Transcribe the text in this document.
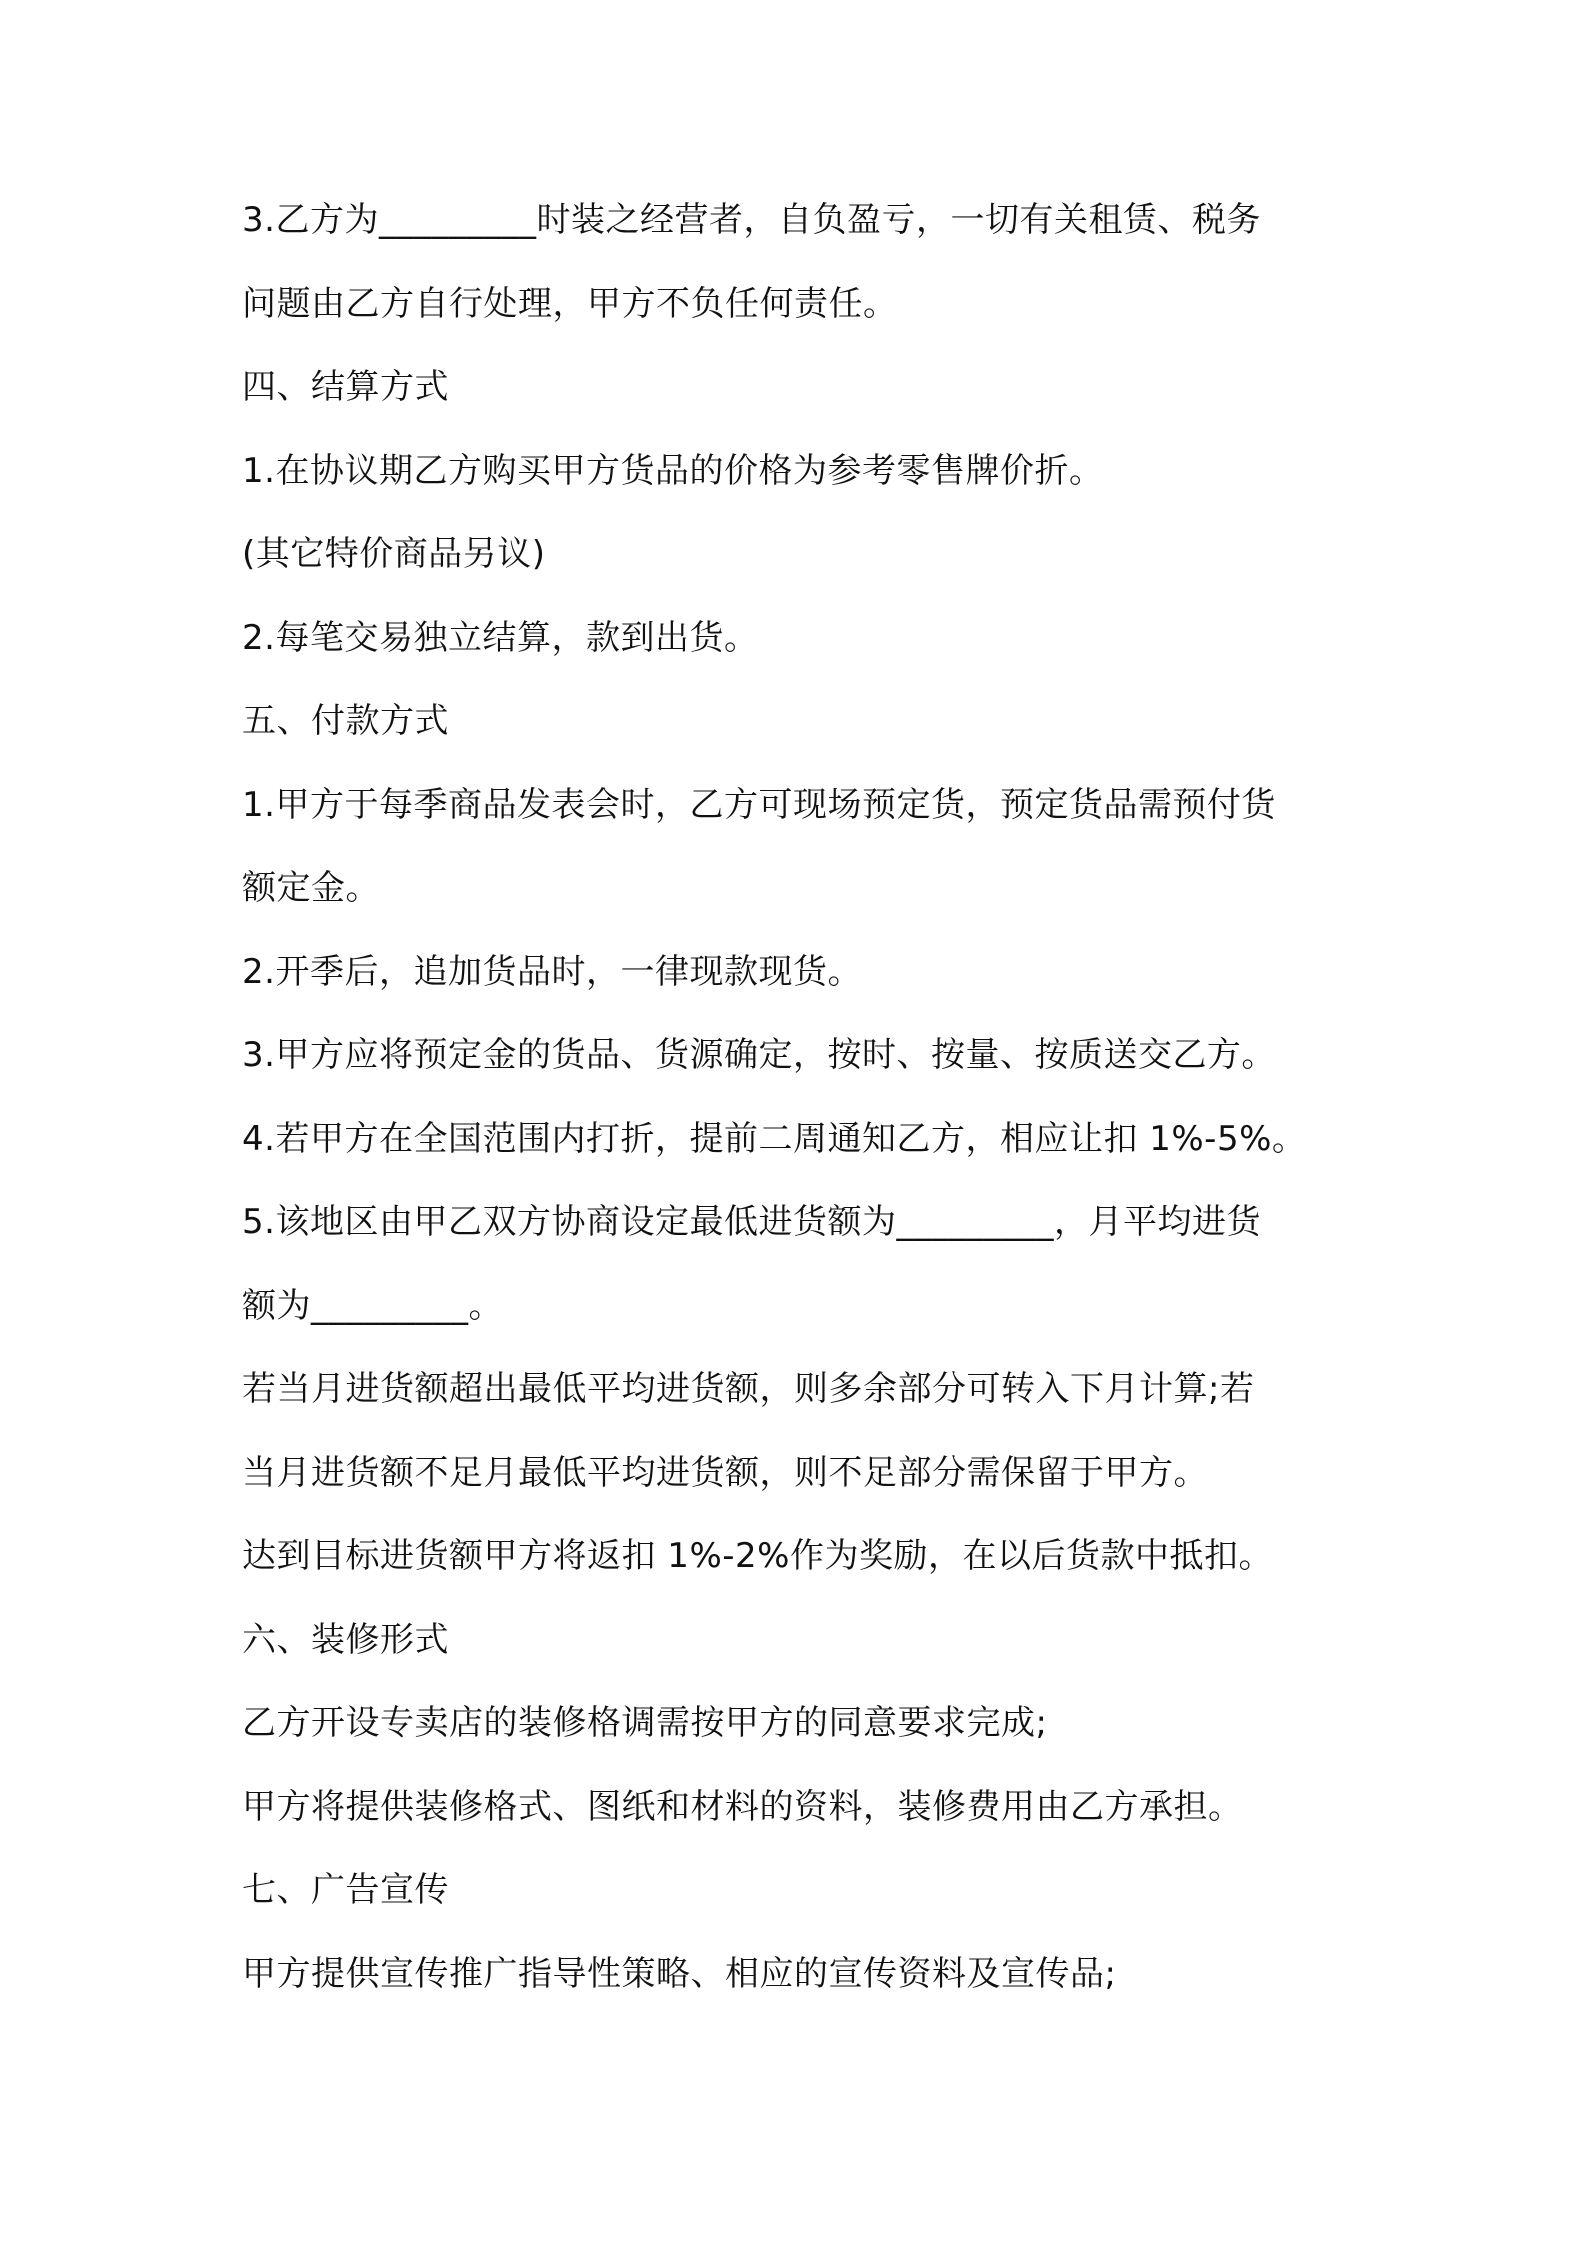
3.乙方为_________时装之经营者，自负盈亏，一切有关租赁、税务
问题由乙方自行处理，甲方不负任何责任。
四、结算方式
1.在协议期乙方购买甲方货品的价格为参考零售牌价折。
(其它特价商品另议)
2.每笔交易独立结算，款到出货。
五、付款方式
1.甲方于每季商品发表会时，乙方可现场预定货，预定货品需预付货
额定金。
2.开季后，追加货品时，一律现款现货。
3.甲方应将预定金的货品、货源确定，按时、按量、按质送交乙方。
4.若甲方在全国范围内打折，提前二周通知乙方，相应让扣 1%-5%。
5.该地区由甲乙双方协商设定最低进货额为_________，月平均进货
额为_________。
若当月进货额超出最低平均进货额，则多余部分可转入下月计算;若
当月进货额不足月最低平均进货额，则不足部分需保留于甲方。
达到目标进货额甲方将返扣 1%-2%作为奖励，在以后货款中抵扣。
六、装修形式
乙方开设专卖店的装修格调需按甲方的同意要求完成;
甲方将提供装修格式、图纸和材料的资料，装修费用由乙方承担。
七、广告宣传
甲方提供宣传推广指导性策略、相应的宣传资料及宣传品;
